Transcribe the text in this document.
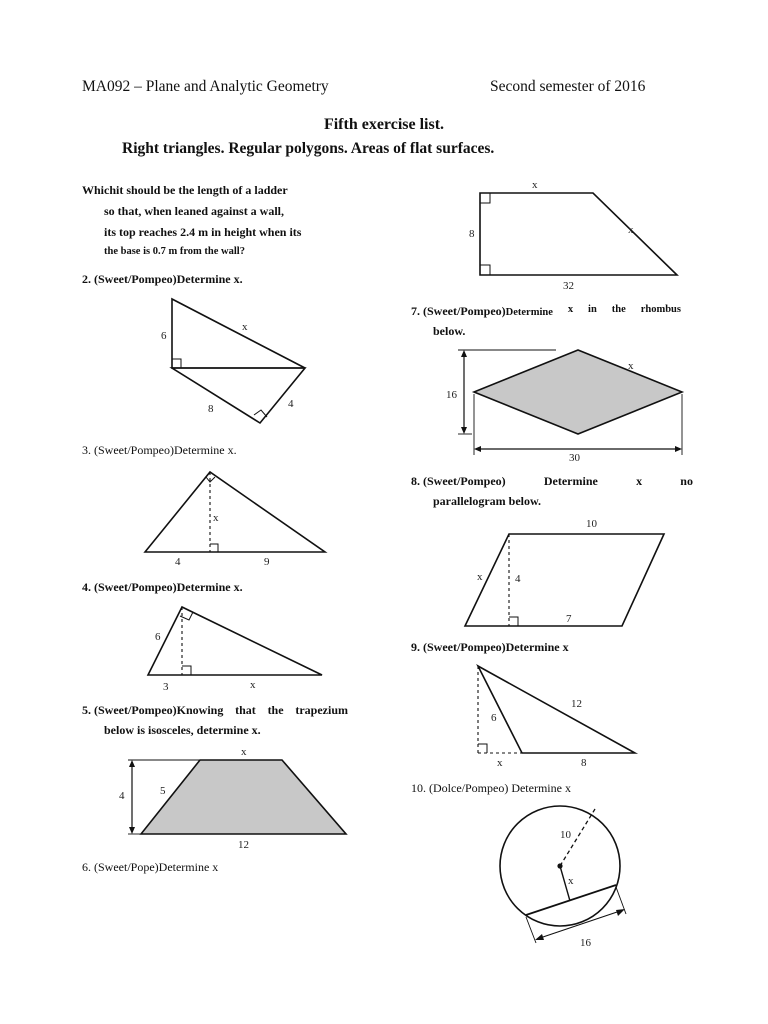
MA092 – Plane and Analytic Geometry	Second semester of 2016
Fifth exercise list.
Right triangles. Regular polygons. Areas of flat surfaces.
Whichit should be the length of a ladder
so that, when leaned against a wall,
its top reaches 2.4 m in height when its
the base is 0.7 m from the wall?
2. (Sweet/Pompeo)Determine x.
6
x
8	4
3. (Sweet/Pompeo)Determine x.
x
4	9
4. (Sweet/Pompeo)Determine x.
6
3	x
5. (Sweet/Pompeo)Knowing that the trapezium
below is isosceles, determine x.
x
4	5
12
6. (Sweet/Pope)Determine x
x
8	x
32
7. (Sweet/Pompeo)Determine x in the rhombus
below.
x
16
30
8. (Sweet/Pompeo)	Determine	x	no
parallelogram below.
10
x	4
7
9. (Sweet/Pompeo)Determine x
6
12
x	8
10. (Dolce/Pompeo) Determine x
10
x
16
